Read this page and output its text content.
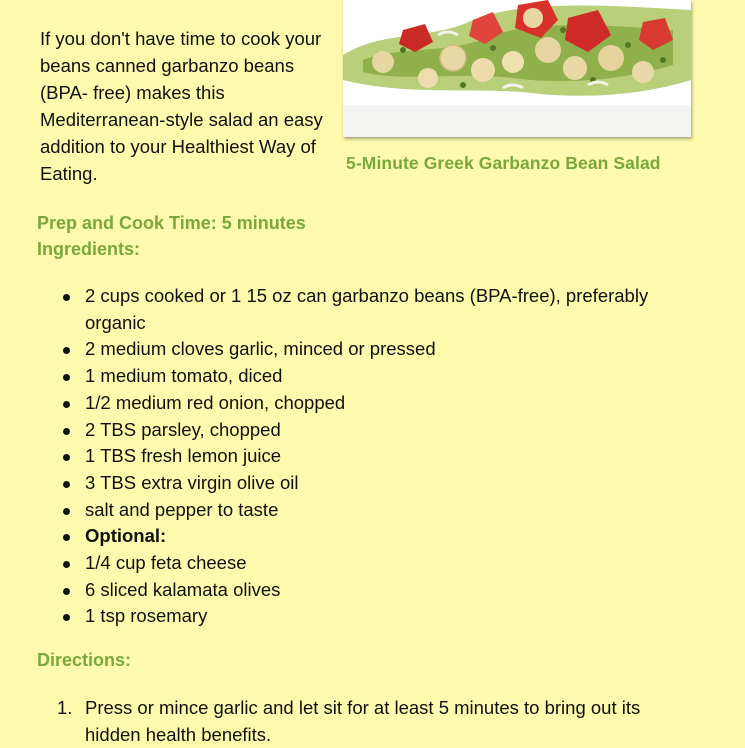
If you don't have time to cook your beans canned garbanzo beans (BPA- free) makes this Mediterranean-style salad an easy addition to your Healthiest Way of Eating.	5-Minute Greek Garbanzo Bean Salad

Prep and Cook Time: 5 minutes
Ingredients:
2 cups cooked or 1 15 oz can garbanzo beans (BPA-free), preferably organic
2 medium cloves garlic, minced or pressed
1 medium tomato, diced
1/2 medium red onion, chopped
2 TBS parsley, chopped
1 TBS fresh lemon juice
3 TBS extra virgin olive oil
salt and pepper to taste
Optional:
1/4 cup feta cheese
6 sliced kalamata olives
1 tsp rosemary
Directions:
1. Press or mince garlic and let sit for at least 5 minutes to bring out its hidden health benefits.
